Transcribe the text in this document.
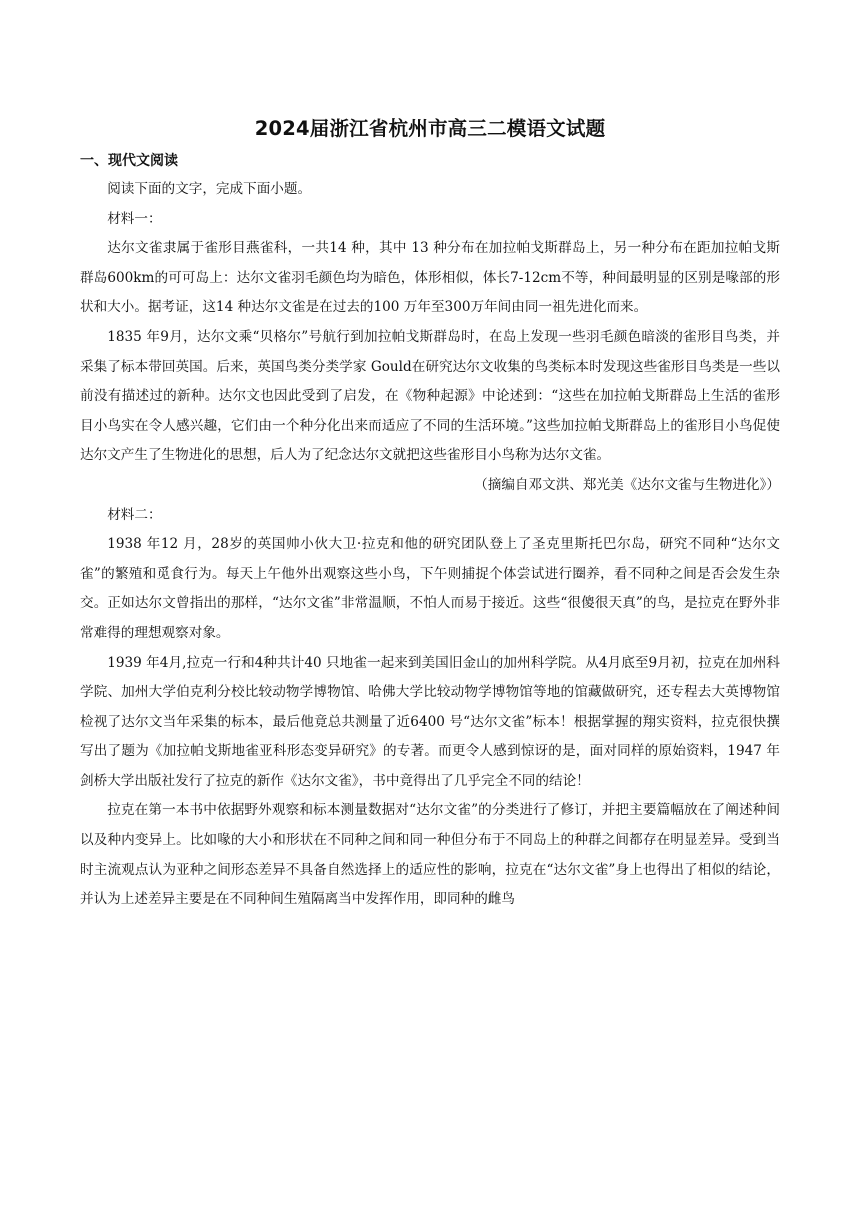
2024届浙江省杭州市高三二模语文试题
一、现代文阅读

阅读下面的文字，完成下面小题。

材料一：

达尔文雀隶属于雀形目燕雀科，一共14 种，其中 13 种分布在加拉帕戈斯群岛上，另一种分布在距加拉帕戈斯群岛600km的可可岛上：达尔文雀羽毛颜色均为暗色，体形相似，体长7-12cm不等，种间最明显的区别是喙部的形状和大小。据考证，这14 种达尔文雀是在过去的100 万年至300万年间由同一祖先进化而来。

1835 年9月，达尔文乘“贝格尔”号航行到加拉帕戈斯群岛时，在岛上发现一些羽毛颜色暗淡的雀形目鸟类，并采集了标本带回英国。后来，英国鸟类分类学家 Gould在研究达尔文收集的鸟类标本时发现这些雀形目鸟类是一些以前没有描述过的新种。达尔文也因此受到了启发，在《物种起源》中论述到：“这些在加拉帕戈斯群岛上生活的雀形目小鸟实在令人感兴趣，它们由一个种分化出来而适应了不同的生活环境。”这些加拉帕戈斯群岛上的雀形目小鸟促使达尔文产生了生物进化的思想，后人为了纪念达尔文就把这些雀形目小鸟称为达尔文雀。

（摘编自邓文洪、郑光美《达尔文雀与生物进化》）

材料二：

1938 年12 月，28岁的英国帅小伙大卫·拉克和他的研究团队登上了圣克里斯托巴尔岛，研究不同种“达尔文雀”的繁殖和觅食行为。每天上午他外出观察这些小鸟，下午则捕捉个体尝试进行圈养，看不同种之间是否会发生杂交。正如达尔文曾指出的那样，“达尔文雀”非常温顺，不怕人而易于接近。这些“很傻很天真”的鸟，是拉克在野外非常难得的理想观察对象。

1939 年4月,拉克一行和4种共计40 只地雀一起来到美国旧金山的加州科学院。从4月底至9月初，拉克在加州科学院、加州大学伯克利分校比较动物学博物馆、哈佛大学比较动物学博物馆等地的馆藏做研究，还专程去大英博物馆检视了达尔文当年采集的标本，最后他竟总共测量了近6400 号“达尔文雀”标本！根据掌握的翔实资料，拉克很快撰写出了题为《加拉帕戈斯地雀亚科形态变异研究》的专著。而更令人感到惊讶的是，面对同样的原始资料，1947 年剑桥大学出版社发行了拉克的新作《达尔文雀》，书中竟得出了几乎完全不同的结论！

拉克在第一本书中依据野外观察和标本测量数据对“达尔文雀”的分类进行了修订，并把主要篇幅放在了阐述种间以及种内变异上。比如喙的大小和形状在不同种之间和同一种但分布于不同岛上的种群之间都存在明显差异。受到当时主流观点认为亚种之间形态差异不具备自然选择上的适应性的影响，拉克在“达尔文雀”身上也得出了相似的结论，并认为上述差异主要是在不同种间生殖隔离当中发挥作用，即同种的雌鸟
